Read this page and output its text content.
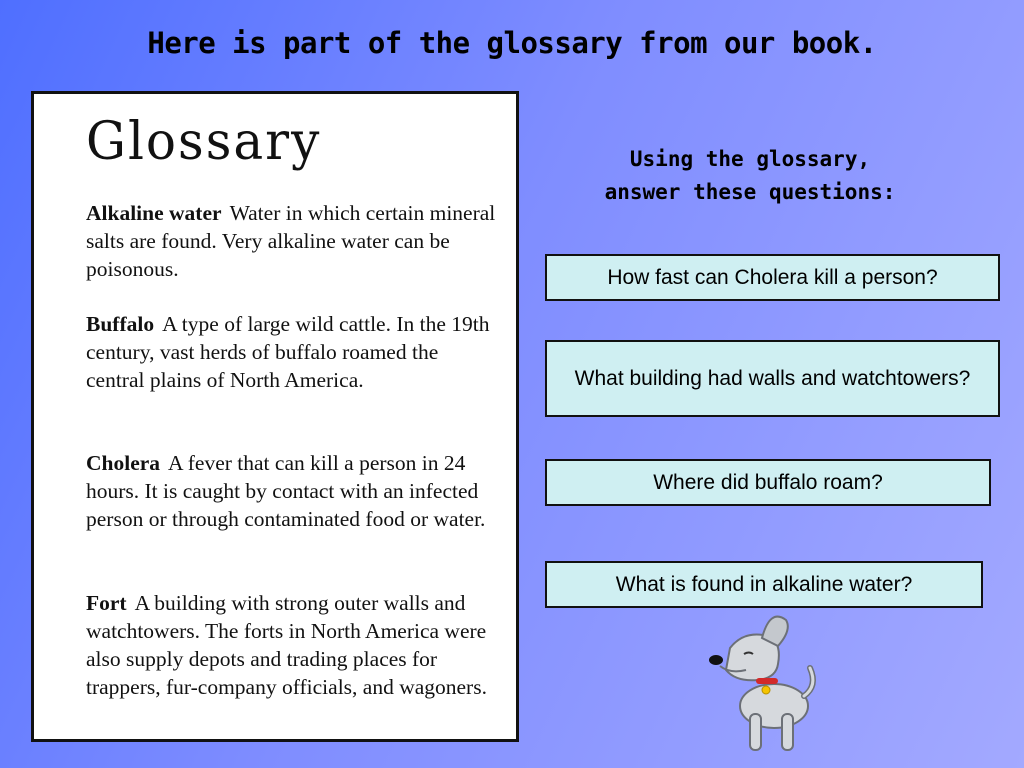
Here is part of the glossary from our book.
Glossary
Alkaline water Water in which certain mineral salts are found. Very alkaline water can be poisonous.
Buffalo A type of large wild cattle. In the 19th century, vast herds of buffalo roamed the central plains of North America.
Cholera A fever that can kill a person in 24 hours. It is caught by contact with an infected person or through contaminated food or water.
Fort A building with strong outer walls and watchtowers. The forts in North America were also supply depots and trading places for trappers, fur-company officials, and wagoners.
Using the glossary,
answer these questions:
How fast can Cholera kill a person?
What building had walls and watchtowers?
Where did buffalo roam?
What is found in alkaline water?
